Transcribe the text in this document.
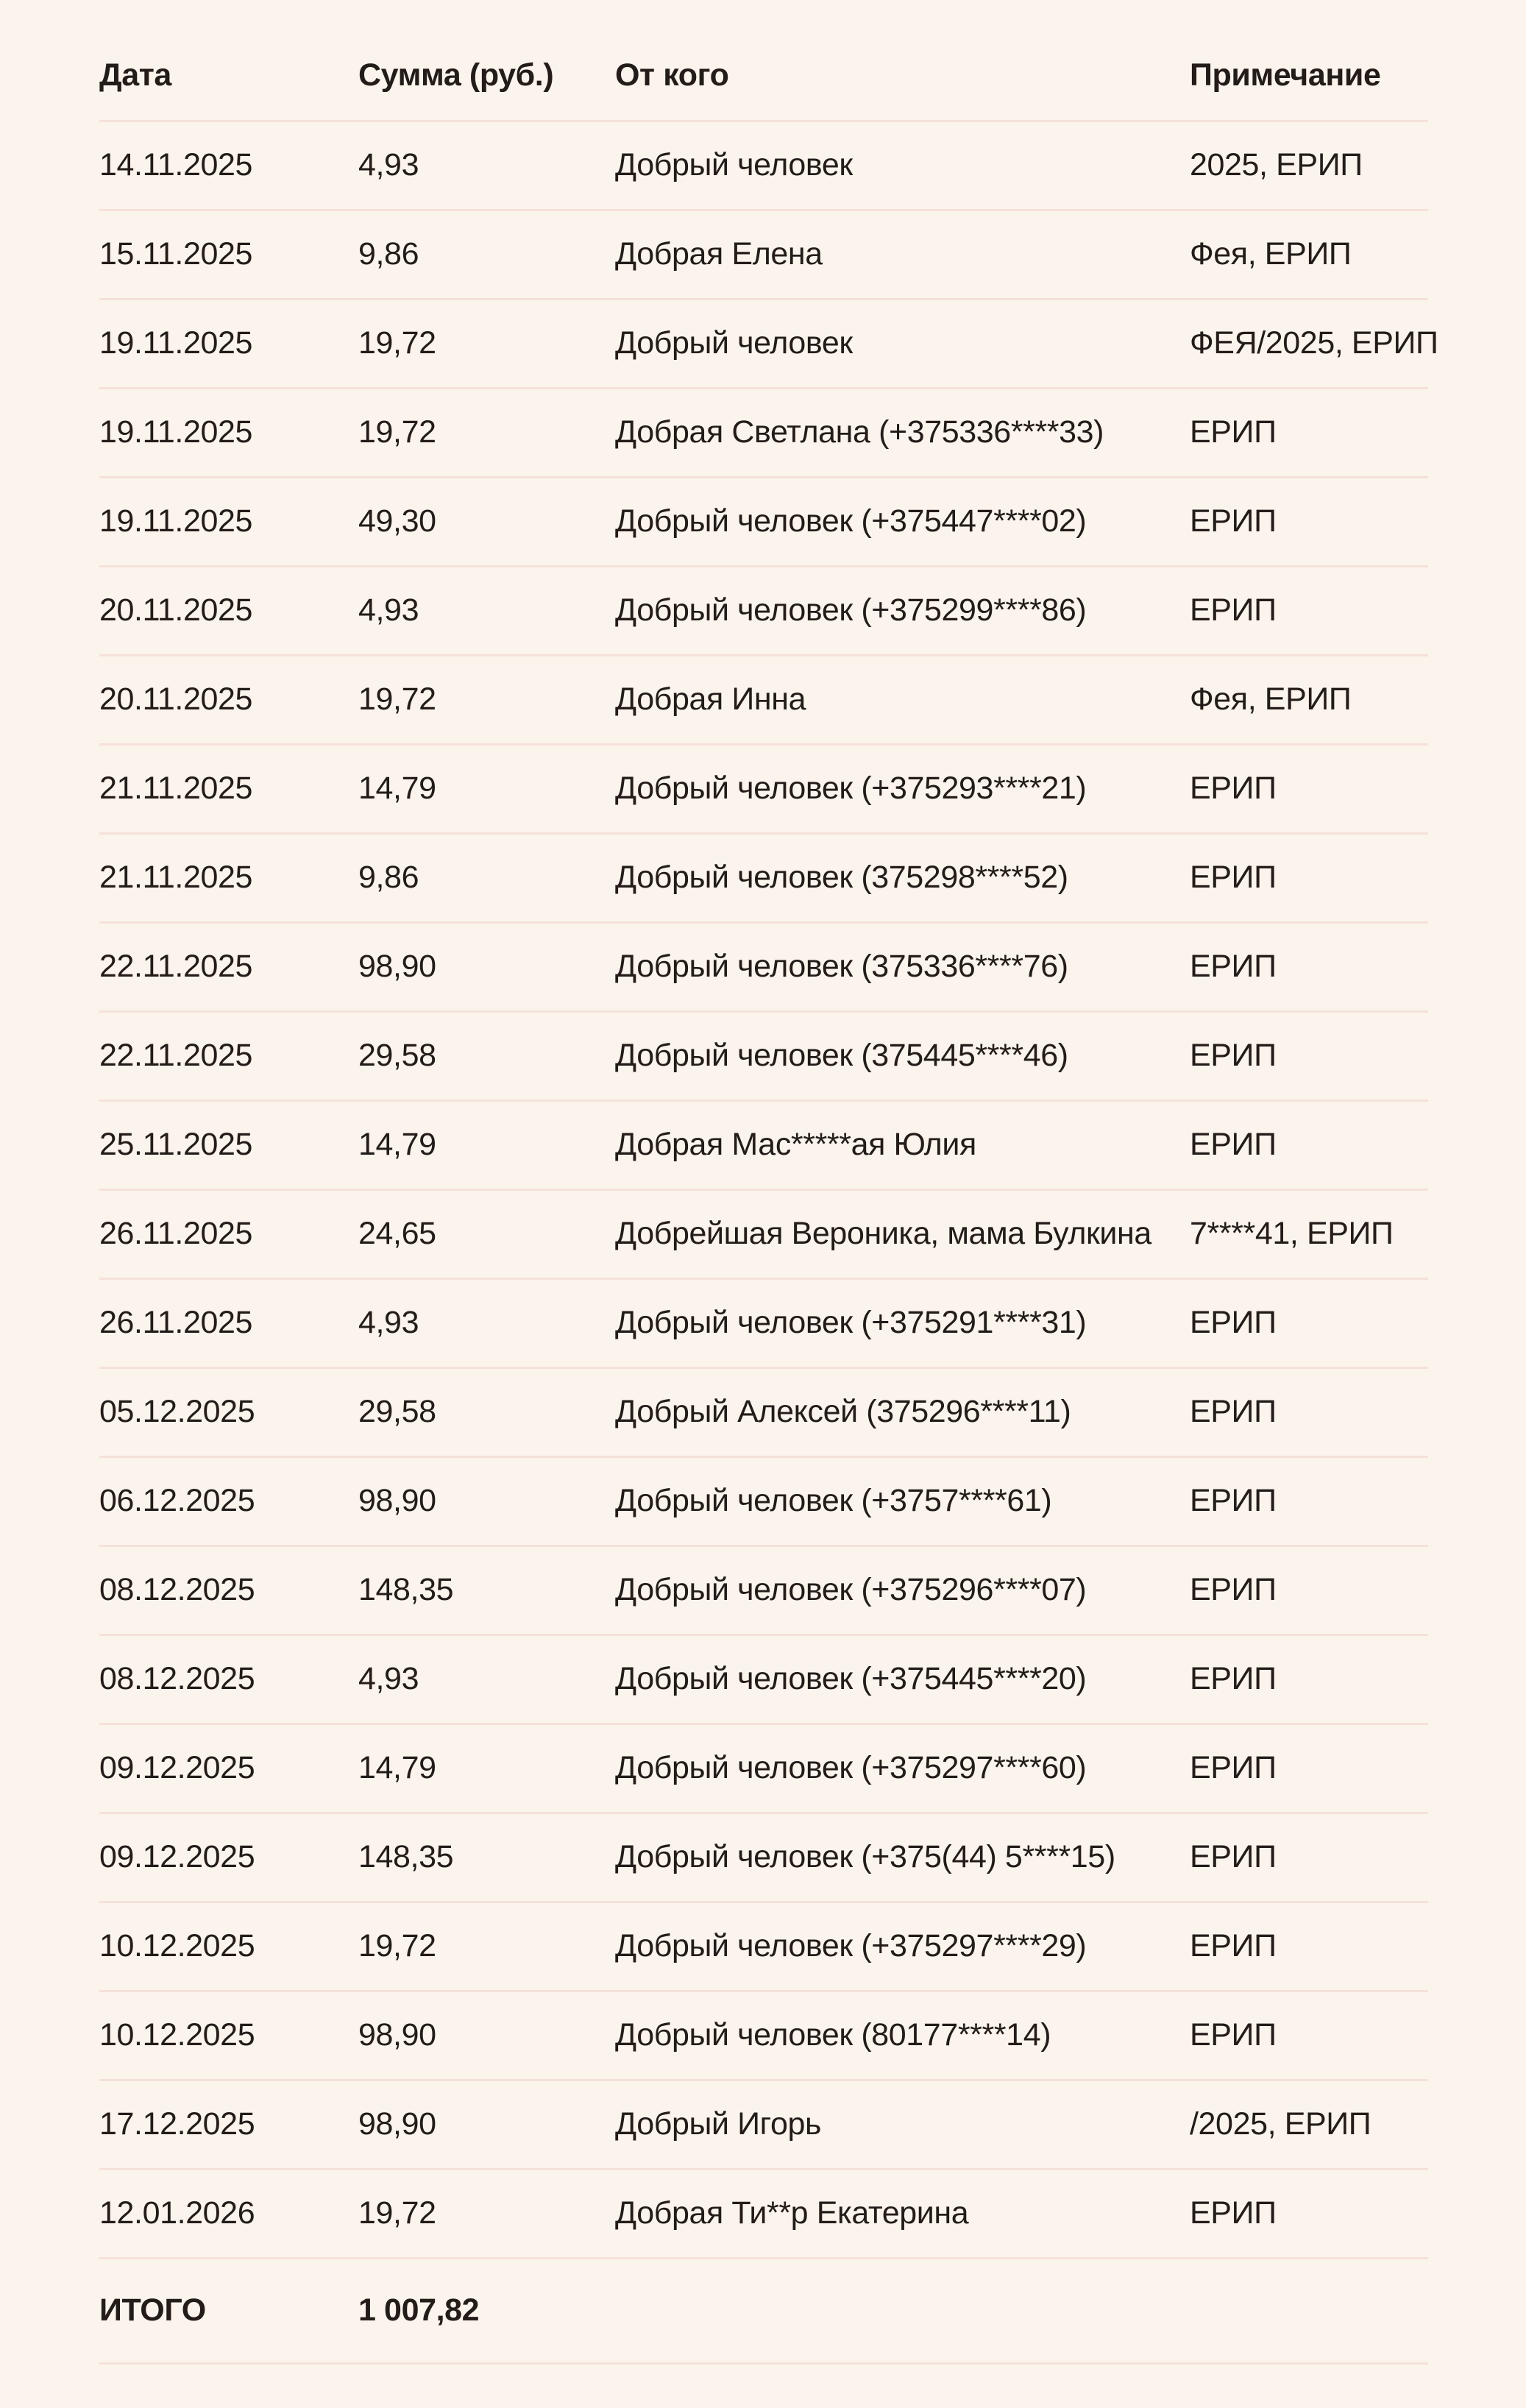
Дата	Сумма (руб.)	От кого	Примечание
14.11.2025	4,93	Добрый человек	2025, ЕРИП
15.11.2025	9,86	Добрая Елена	Фея, ЕРИП
19.11.2025	19,72	Добрый человек	ФЕЯ/2025, ЕРИП
19.11.2025	19,72	Добрая Светлана (+375336****33)	ЕРИП
19.11.2025	49,30	Добрый человек (+375447****02)	ЕРИП
20.11.2025	4,93	Добрый человек (+375299****86)	ЕРИП
20.11.2025	19,72	Добрая Инна	Фея, ЕРИП
21.11.2025	14,79	Добрый человек (+375293****21)	ЕРИП
21.11.2025	9,86	Добрый человек (375298****52)	ЕРИП
22.11.2025	98,90	Добрый человек (375336****76)	ЕРИП
22.11.2025	29,58	Добрый человек (375445****46)	ЕРИП
25.11.2025	14,79	Добрая Мас*****ая Юлия	ЕРИП
26.11.2025	24,65	Добрейшая Вероника, мама Булкина	7****41, ЕРИП
26.11.2025	4,93	Добрый человек (+375291****31)	ЕРИП
05.12.2025	29,58	Добрый Алексей (375296****11)	ЕРИП
06.12.2025	98,90	Добрый человек (+3757****61)	ЕРИП
08.12.2025	148,35	Добрый человек (+375296****07)	ЕРИП
08.12.2025	4,93	Добрый человек (+375445****20)	ЕРИП
09.12.2025	14,79	Добрый человек (+375297****60)	ЕРИП
09.12.2025	148,35	Добрый человек (+375(44) 5****15)	ЕРИП
10.12.2025	19,72	Добрый человек (+375297****29)	ЕРИП
10.12.2025	98,90	Добрый человек (80177****14)	ЕРИП
17.12.2025	98,90	Добрый Игорь	/2025, ЕРИП
12.01.2026	19,72	Добрая Ти**р Екатерина	ЕРИП
ИТОГО	1 007,82
